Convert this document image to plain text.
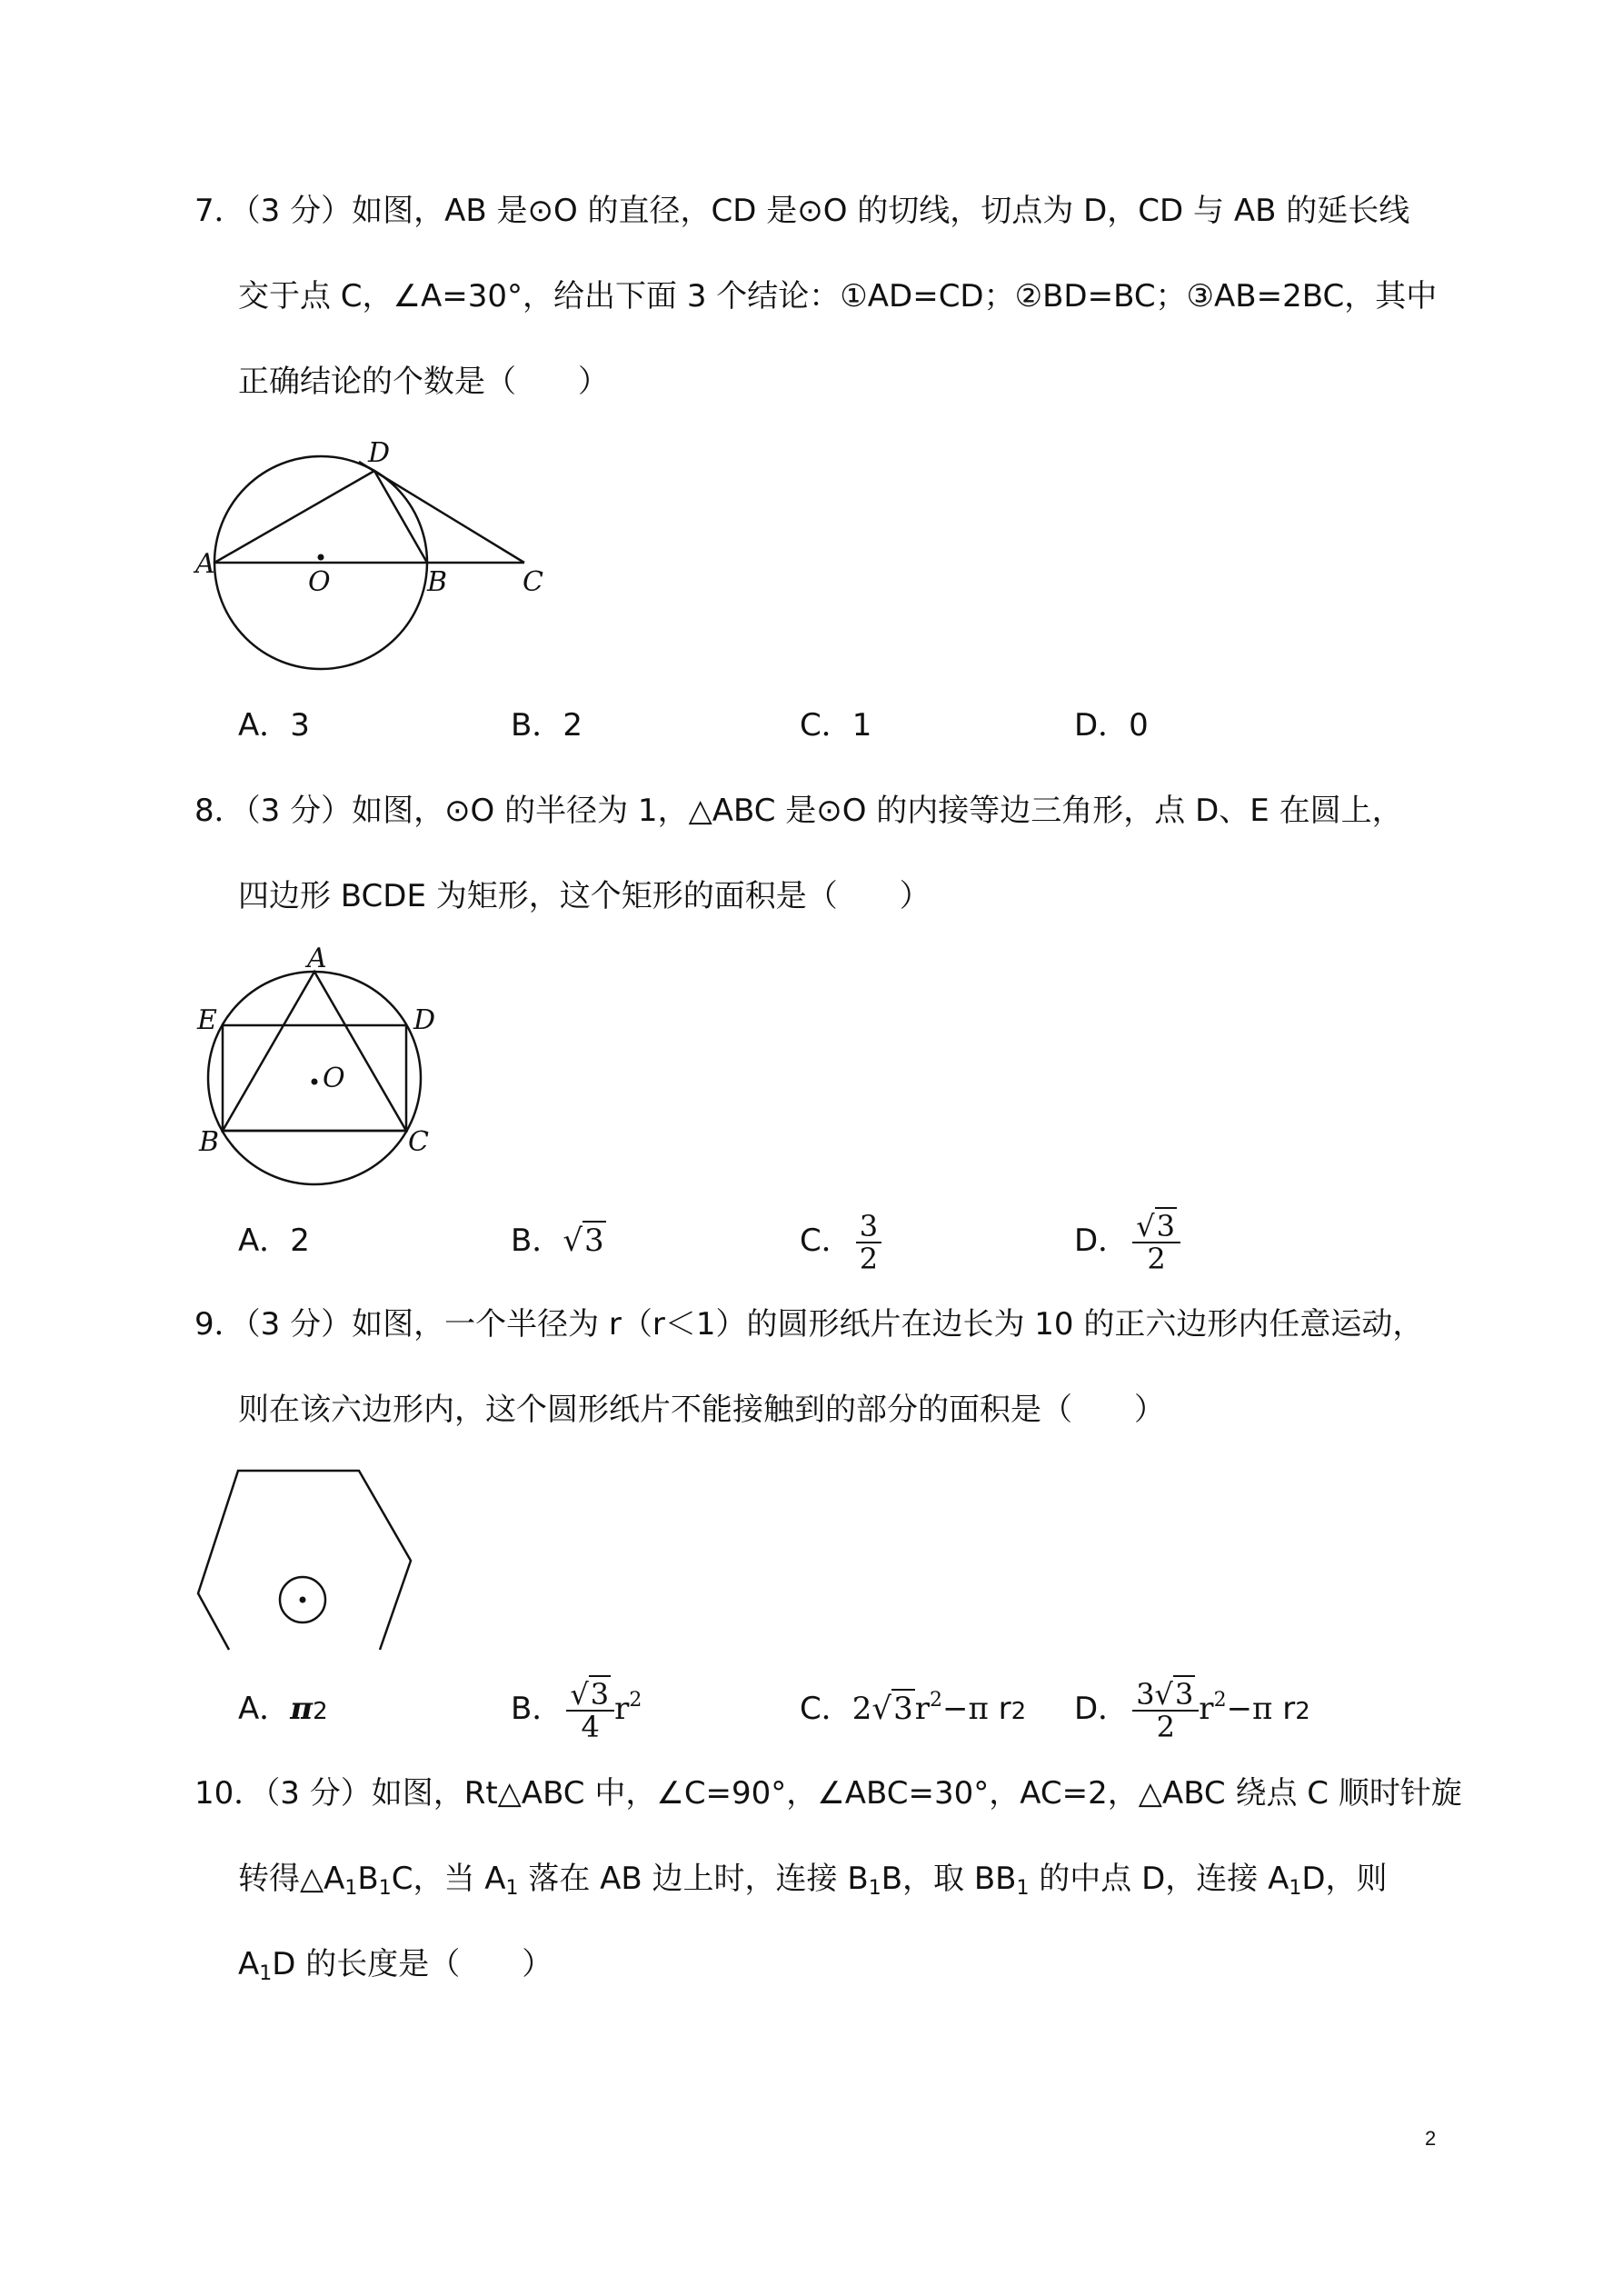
7．（3 分）如图，AB 是⊙O 的直径，CD 是⊙O 的切线，切点为 D，CD 与 AB 的延长线
交于点 C，∠A=30°，给出下面 3 个结论：①AD=CD；②BD=BC；③AB=2BC，其中
正确结论的个数是（　　）
A
O	B	C
D
A．3	B．2	C．1	D．0
8．（3 分）如图，⊙O 的半径为 1，△ABC 是⊙O 的内接等边三角形，点 D、E 在圆上，
四边形 BCDE 为矩形，这个矩形的面积是（　　）
A
E	D
O
B	C
A．2	B．√3	C． $\frac{3}{2}$	D． $\frac{√3}{2}$
9．（3 分）如图，一个半径为 r（r＜1）的圆形纸片在边长为 10 的正六边形内任意运动，
则在该六边形内，这个圆形纸片不能接触到的部分的面积是（　　）
A．π2	B． $\frac{√3}{4} r^2$	C．$2√3r^2-\pi$ r2 D． $\frac{3√3}{2} r^2-\pi$ r2
10．（3 分）如图，Rt△ABC 中，∠C=90°，∠ABC=30°，AC=2，△ABC 绕点 C 顺时针旋
转得$\triangle A_1B_1C$，当 $A_1$ 落在 AB 边上时，连接 $B_1B$，取 $BB_1$ 的中点 D，连接 $A_1D$，则
$A_1D$ 的长度是（　　）
2
